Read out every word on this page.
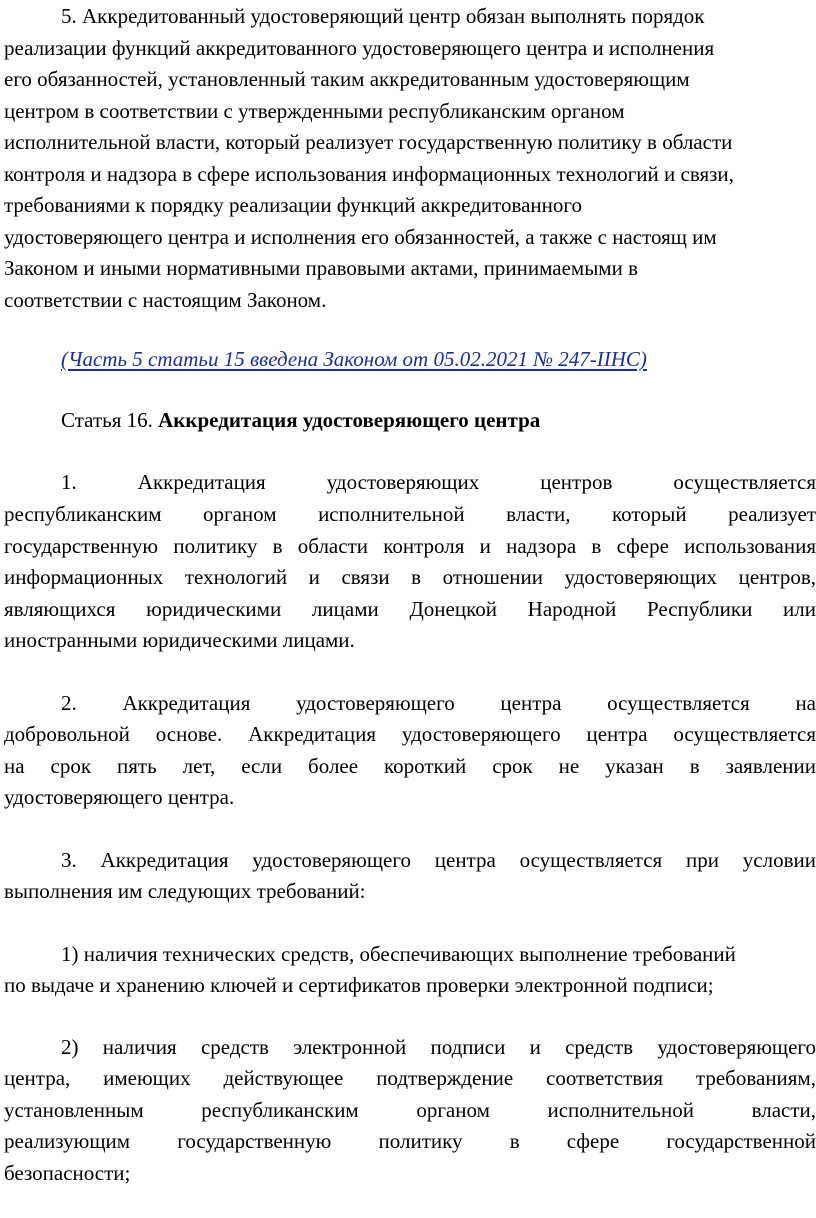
5. Аккредитованный удостоверяющий центр обязан выполнять порядок
реализации функций аккредитованного удостоверяющего центра и исполнения
его обязанностей, установленный таким аккредитованным удостоверяющим
центром в соответствии с утвержденными республиканским органом
исполнительной власти, который реализует государственную политику в области
контроля и надзора в сфере использования информационных технологий и связи,
требованиями к порядку реализации функций аккредитованного
удостоверяющего центра и исполнения его обязанностей, а также с настоящ им
Законом и иными нормативными правовыми актами, принимаемыми в
соответствии с настоящим Законом.
(Часть 5 статьи 15 введена Законом от 05.02.2021 № 247-IIНС)
Статья 16. Аккредитация удостоверяющего центра
1. Аккредитация удостоверяющих центров осуществляется
республиканским органом исполнительной власти, который реализует
государственную политику в области контроля и надзора в сфере использования
информационных технологий и связи в отношении удостоверяющих центров,
являющихся юридическими лицами Донецкой Народной Республики или
иностранными юридическими лицами.
2. Аккредитация удостоверяющего центра осуществляется на
добровольной основе. Аккредитация удостоверяющего центра осуществляется
на срок пять лет, если более короткий срок не указан в заявлении
удостоверяющего центра.
3. Аккредитация удостоверяющего центра осуществляется при условии
выполнения им следующих требований:
1) наличия технических средств, обеспечивающих выполнение требований
по выдаче и хранению ключей и сертификатов проверки электронной подписи;
2) наличия средств электронной подписи и средств удостоверяющего
центра, имеющих действующее подтверждение соответствия требованиям,
установленным республиканским органом исполнительной власти,
реализующим государственную политику в сфере государственной
безопасности;
